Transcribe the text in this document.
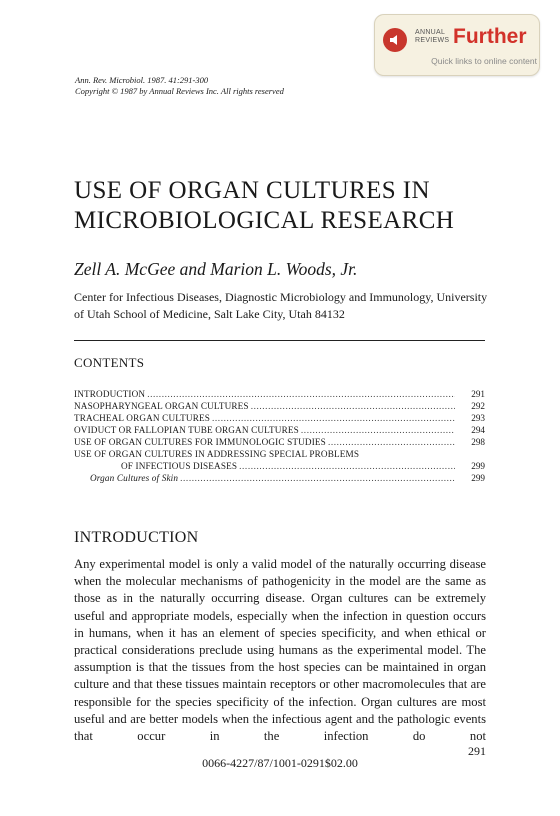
ANNUAL
REVIEWS Further
Quick links to online content
Ann. Rev. Microbiol. 1987. 41:291-300
Copyright © 1987 by Annual Reviews Inc. All rights reserved
USE OF ORGAN CULTURES IN
MICROBIOLOGICAL RESEARCH
Zell A. McGee and Marion L. Woods, Jr.
Center for Infectious Diseases, Diagnostic Microbiology and Immunology, University
of Utah School of Medicine, Salt Lake City, Utah 84132
CONTENTS
INTRODUCTION .....	291
NASOPHARYNGEAL ORGAN CULTURES .....	292
TRACHEAL ORGAN CULTURES .....	293
OVIDUCT OR FALLOPIAN TUBE ORGAN CULTURES .....	294
USE OF ORGAN CULTURES FOR IMMUNOLOGIC STUDIES .....	298
USE OF ORGAN CULTURES IN ADDRESSING SPECIAL PROBLEMS
OF INFECTIOUS DISEASES .....	299
Organ Cultures of Skin .....	299
INTRODUCTION
Any experimental model is only a valid model of the naturally occurring disease when the molecular mechanisms of pathogenicity in the model are the same as those as in the naturally occurring disease. Organ cultures can be extremely useful and appropriate models, especially when the infection in question occurs in humans, when it has an element of species specificity, and when ethical or practical considerations preclude using humans as the experimental model. The assumption is that the tissues from the host species can be maintained in organ culture and that these tissues maintain receptors or other macromolecules that are responsible for the species specificity of the infection. Organ cultures are most useful and are better models when the infectious agent and the pathologic events that occur in the infection do not
291
0066-4227/87/1001-0291$02.00
